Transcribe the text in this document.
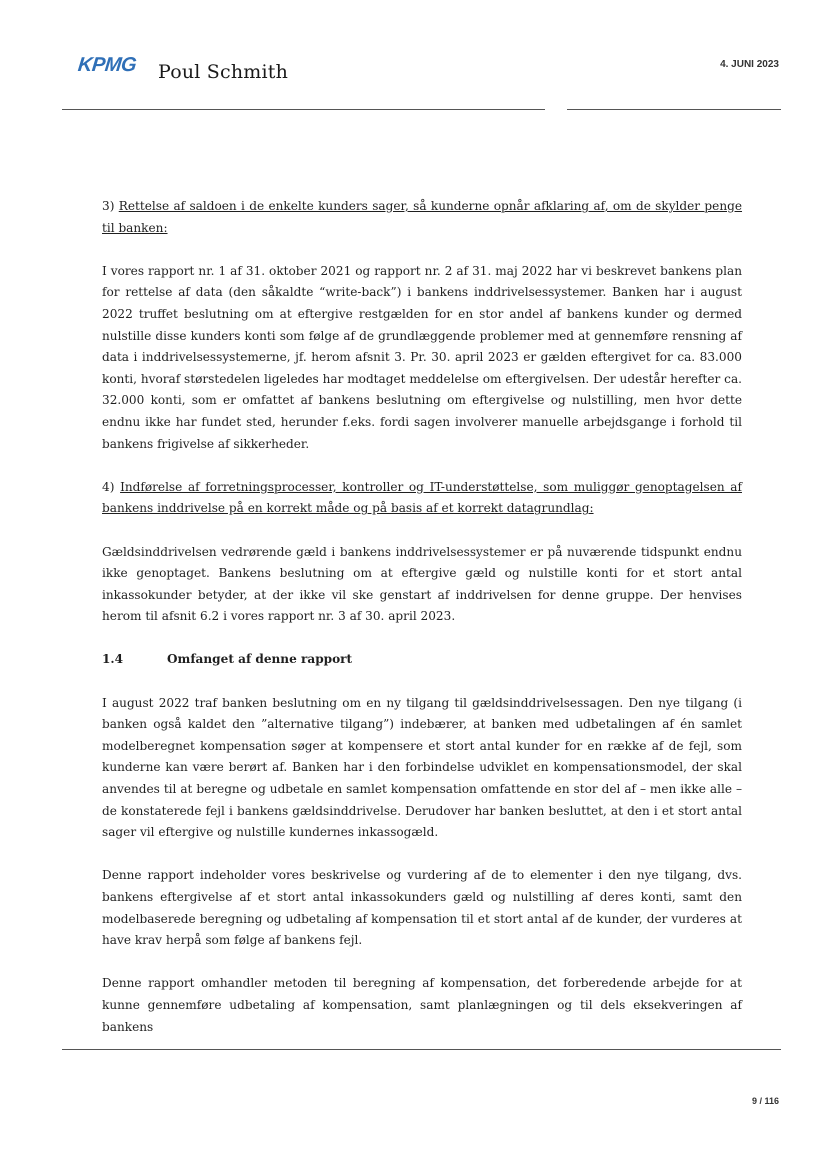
KPMG Poul Schmith	4. JUNI 2023

3) Rettelse af saldoen i de enkelte kunders sager, så kunderne opnår afklaring af, om de skylder penge til banken:

I vores rapport nr. 1 af 31. oktober 2021 og rapport nr. 2 af 31. maj 2022 har vi beskrevet bankens plan for rettelse af data (den såkaldte “write-back”) i bankens inddrivelsessystemer. Banken har i august 2022 truffet beslutning om at eftergive restgælden for en stor andel af bankens kunder og dermed nulstille disse kunders konti som følge af de grundlæggende problemer med at gennemføre rensning af data i inddrivelsessystemerne, jf. herom afsnit 3. Pr. 30. april 2023 er gælden eftergivet for ca. 83.000 konti, hvoraf størstedelen ligeledes har modtaget meddelelse om eftergivelsen. Der udestår herefter ca. 32.000 konti, som er omfattet af bankens beslutning om eftergivelse og nulstilling, men hvor dette endnu ikke har fundet sted, herunder f.eks. fordi sagen involverer manuelle arbejdsgange i forhold til bankens frigivelse af sikkerheder.

4) Indførelse af forretningsprocesser, kontroller og IT-understøttelse, som muliggør genoptagelsen af bankens inddrivelse på en korrekt måde og på basis af et korrekt datagrundlag:

Gældsinddrivelsen vedrørende gæld i bankens inddrivelsessystemer er på nuværende tidspunkt endnu ikke genoptaget. Bankens beslutning om at eftergive gæld og nulstille konti for et stort antal inkassokunder betyder, at der ikke vil ske genstart af inddrivelsen for denne gruppe. Der henvises herom til afsnit 6.2 i vores rapport nr. 3 af 30. april 2023.

1.4	Omfanget af denne rapport

I august 2022 traf banken beslutning om en ny tilgang til gældsinddrivelsessagen. Den nye tilgang (i banken også kaldet den ”alternative tilgang”) indebærer, at banken med udbetalingen af én samlet modelberegnet kompensation søger at kompensere et stort antal kunder for en række af de fejl, som kunderne kan være berørt af. Banken har i den forbindelse udviklet en kompensationsmodel, der skal anvendes til at beregne og udbetale en samlet kompensation omfattende en stor del af – men ikke alle – de konstaterede fejl i bankens gældsinddrivelse. Derudover har banken besluttet, at den i et stort antal sager vil eftergive og nulstille kundernes inkassogæld.

Denne rapport indeholder vores beskrivelse og vurdering af de to elementer i den nye tilgang, dvs. bankens eftergivelse af et stort antal inkassokunders gæld og nulstilling af deres konti, samt den modelbaserede beregning og udbetaling af kompensation til et stort antal af de kunder, der vurderes at have krav herpå som følge af bankens fejl.

Denne rapport omhandler metoden til beregning af kompensation, det forberedende arbejde for at kunne gennemføre udbetaling af kompensation, samt planlægningen og til dels eksekveringen af bankens

9 / 116
